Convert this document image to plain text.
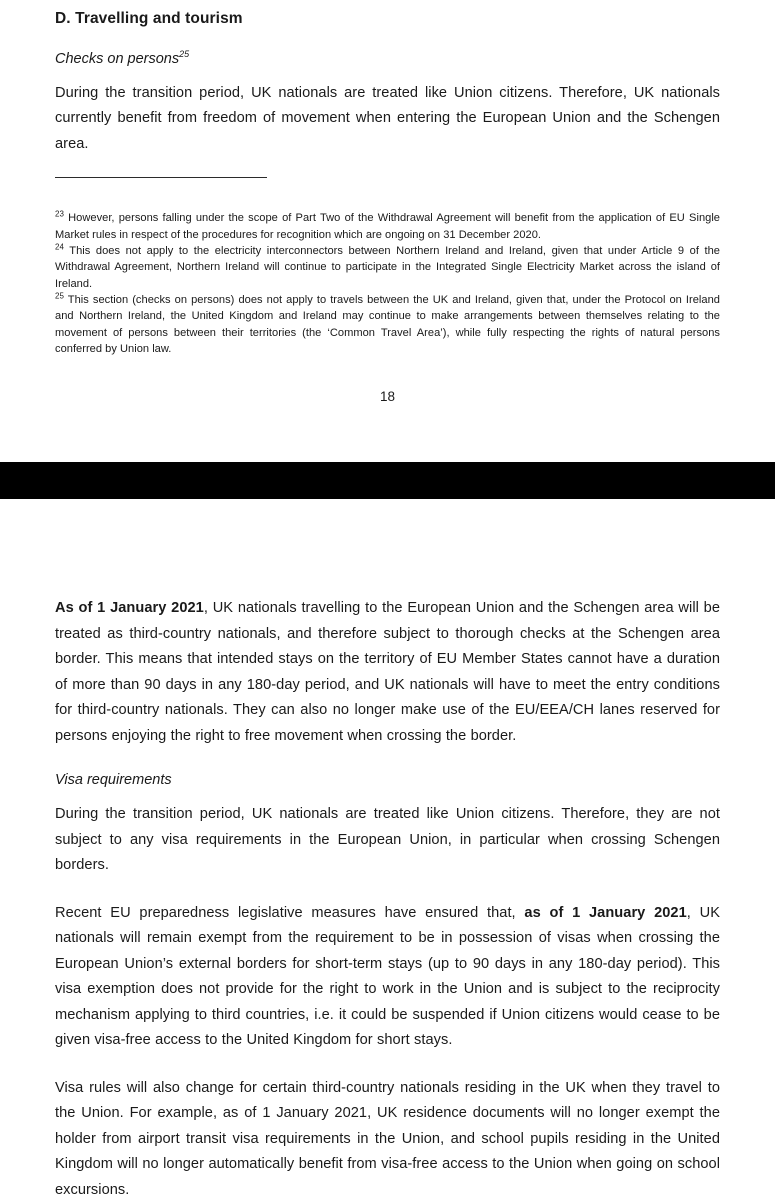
D. Travelling and tourism

Checks on persons$^{25}$

During the transition period, UK nationals are treated like Union citizens. Therefore, UK nationals currently benefit from freedom of movement when entering the European Union and the Schengen area.

$^{23}$ However, persons falling under the scope of Part Two of the Withdrawal Agreement will benefit from the application of EU Single Market rules in respect of the procedures for recognition which are ongoing on 31 December 2020.

$^{24}$ This does not apply to the electricity interconnectors between Northern Ireland and Ireland, given that under Article 9 of the Withdrawal Agreement, Northern Ireland will continue to participate in the Integrated Single Electricity Market across the island of Ireland.

$^{25}$ This section (checks on persons) does not apply to travels between the UK and Ireland, given that, under the Protocol on Ireland and Northern Ireland, the United Kingdom and Ireland may continue to make arrangements between themselves relating to the movement of persons between their territories (the ‘Common Travel Area’), while fully respecting the rights of natural persons conferred by Union law.

18

As of 1 January 2021, UK nationals travelling to the European Union and the Schengen area will be treated as third-country nationals, and therefore subject to thorough checks at the Schengen area border. This means that intended stays on the territory of EU Member States cannot have a duration of more than 90 days in any 180-day period, and UK nationals will have to meet the entry conditions for third-country nationals. They can also no longer make use of the EU/EEA/CH lanes reserved for persons enjoying the right to free movement when crossing the border.

Visa requirements

During the transition period, UK nationals are treated like Union citizens. Therefore, they are not subject to any visa requirements in the European Union, in particular when crossing Schengen borders.

Recent EU preparedness legislative measures have ensured that, as of 1 January 2021, UK nationals will remain exempt from the requirement to be in possession of visas when crossing the European Union’s external borders for short-term stays (up to 90 days in any 180-day period). This visa exemption does not provide for the right to work in the Union and is subject to the reciprocity mechanism applying to third countries, i.e. it could be suspended if Union citizens would cease to be given visa-free access to the United Kingdom for short stays.

Visa rules will also change for certain third-country nationals residing in the UK when they travel to the Union. For example, as of 1 January 2021, UK residence documents will no longer exempt the holder from airport transit visa requirements in the Union, and school pupils residing in the United Kingdom will no longer automatically benefit from visa-free access to the Union when going on school excursions.
